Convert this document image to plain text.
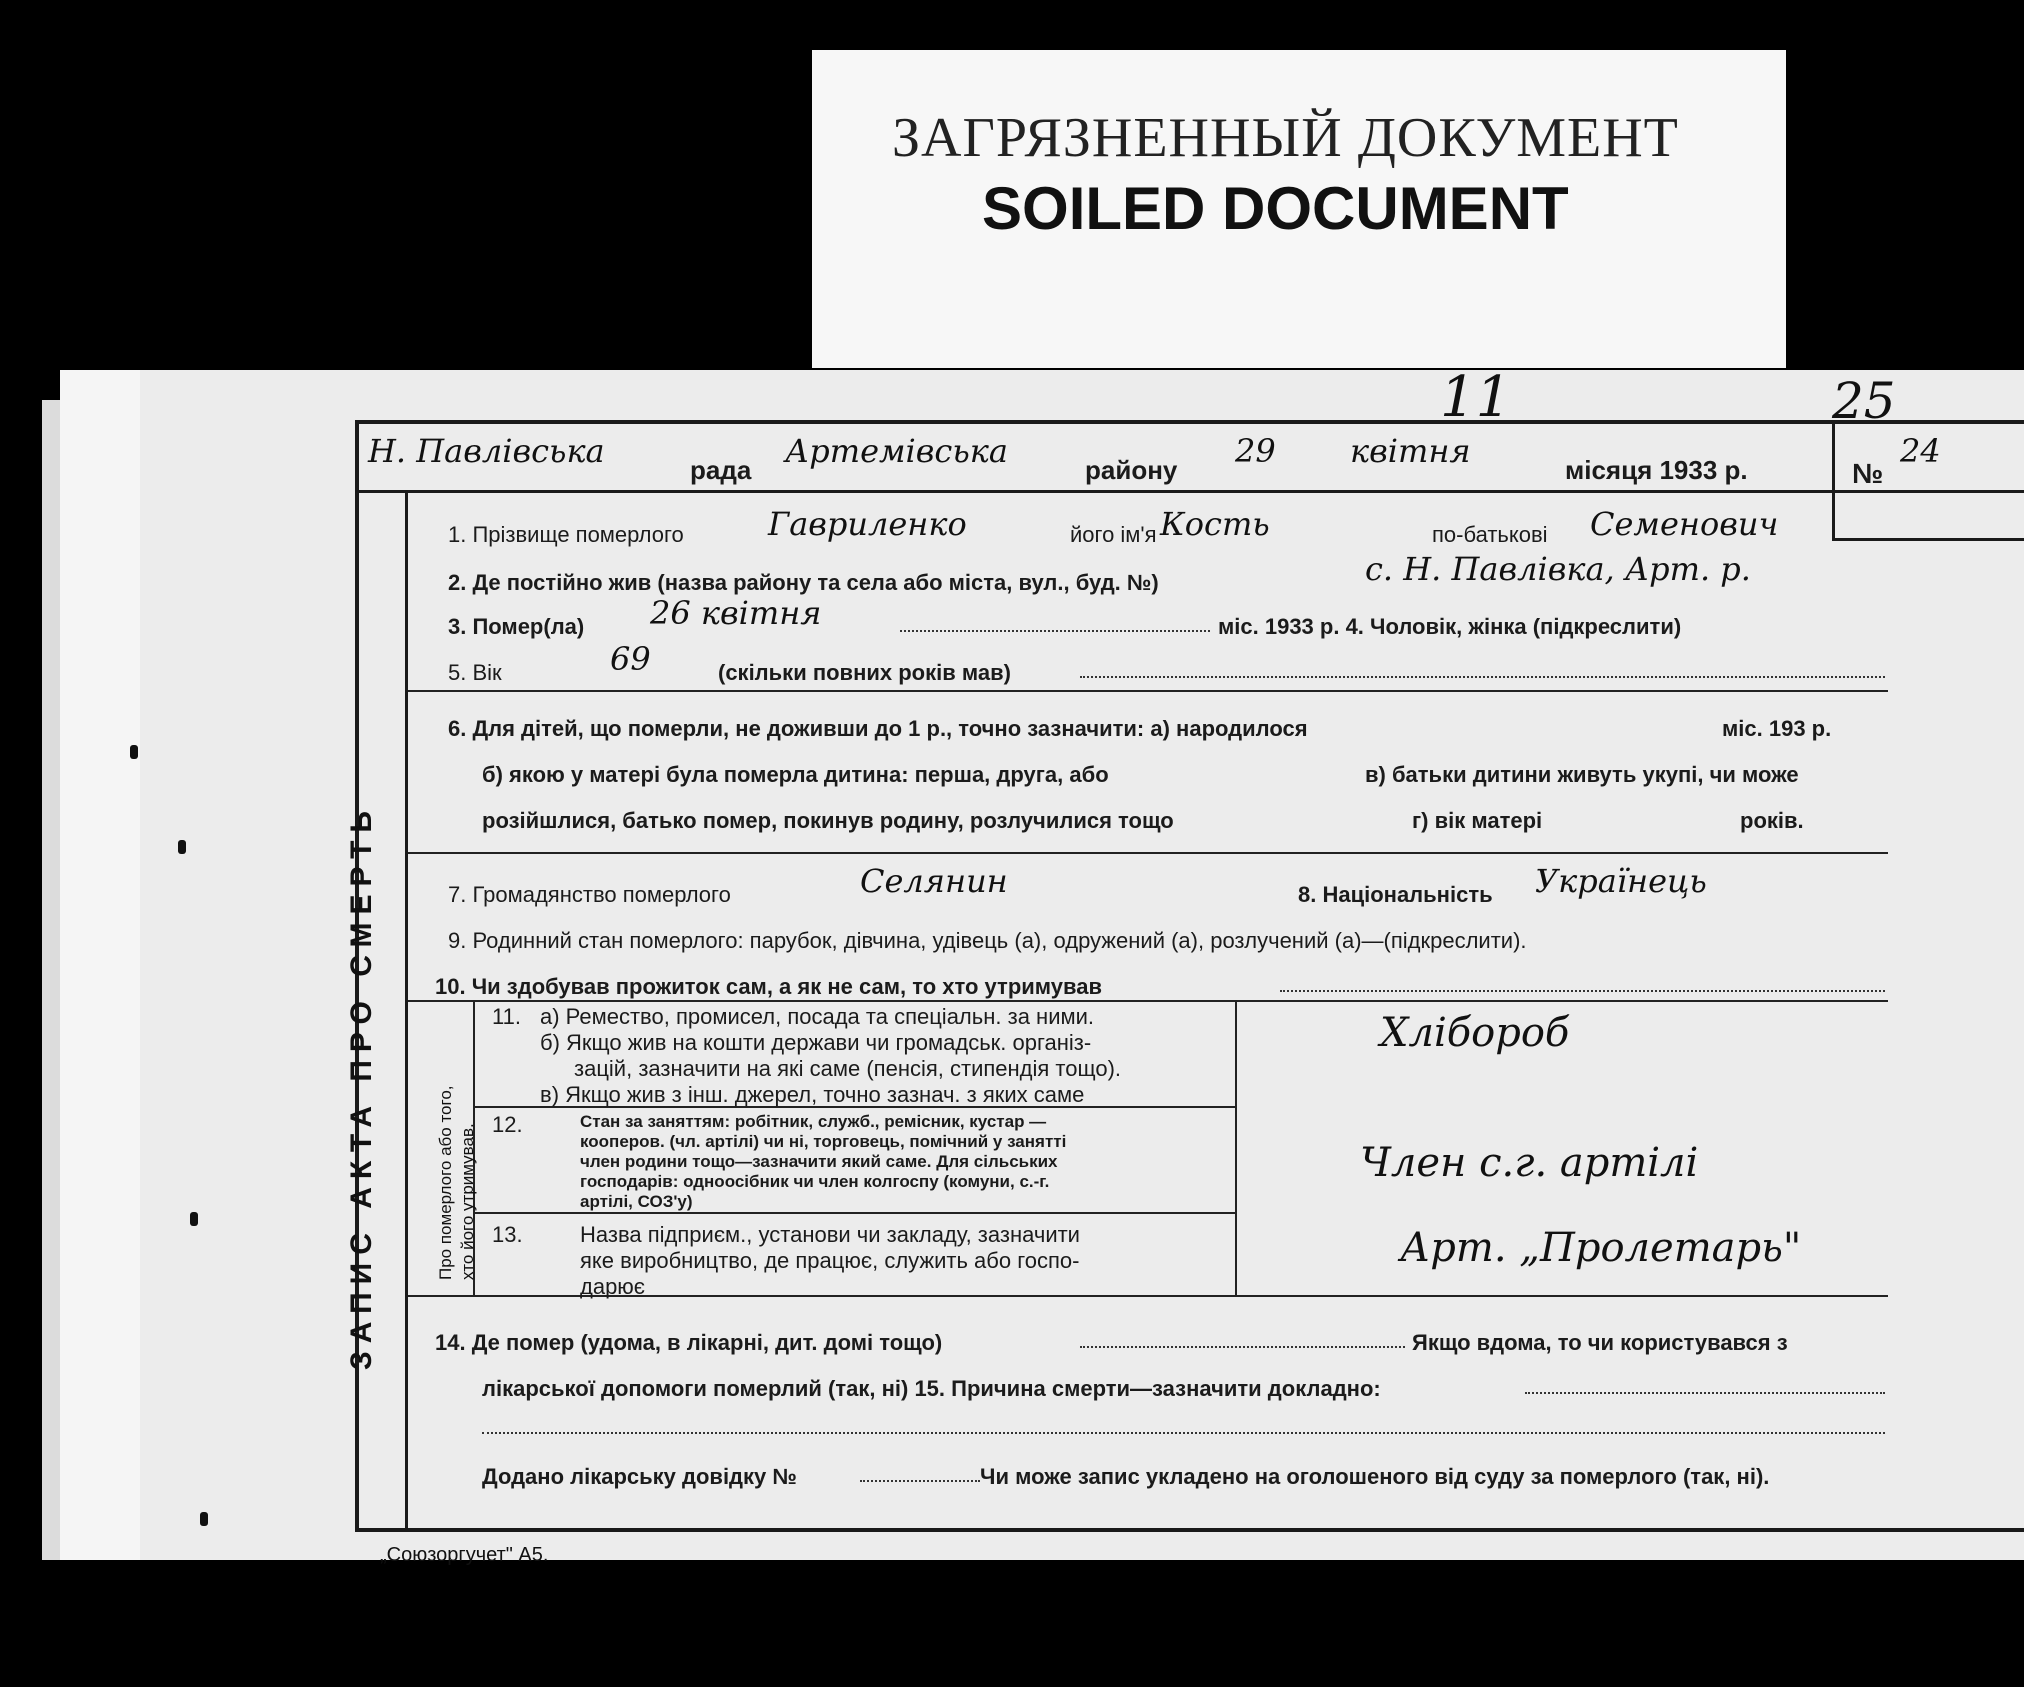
ЗАГРЯЗНЕННЫЙ ДОКУМЕНТ
SOILED DOCUMENT
ЗАПИС АКТА ПРО СМЕРТЬ
Н. Павлівська	рада Артемівська	району 29 квітня	місяця 1933 р.	№
24
11	25
1. Прізвище померлого	Гавриленко	його ім'я Кость	по-батькові Семенович
2. Де постійно жив (назва району та села або міста, вул., буд. №)	с. Н. Павлівка, Арт. р.
3. Помер(ла) 26 квітня	міс. 1933 р. 4. Чоловік, жінка (підкреслити)
5. Вік	69	(скільки повних років мав)
6. Для дітей, що померли, не доживши до 1 р., точно зазначити: а) народилося	міс. 193 р.
б) якою у матері була померла дитина: перша, друга, або	в) батьки дитини живуть укупі, чи може
розійшлися, батько помер, покинув родину, розлучилися тощо	г) вік матері	років.
7. Громадянство померлого	Селянин	8. Національність Українець
9. Родинний стан померлого: парубок, дівчина, удівець (а), одружений (а), розлучений (а)—(підкреслити).
10. Чи здобував прожиток сам, а як не сам, то хто утримував
Про померлого або того, хто його утримував.
11. а) Ремество, промисел, посада та спеціальн. за ними.
б) Якщо жив на кошти держави чи громадськ. організ-
зацій, зазначити на які саме (пенсія, стипендія тощо).
в) Якщо жив з інш. джерел, точно зазнач. з яких саме
Хлібороб
12.	Стан за заняттям: робітник, служб., ремісник, кустар —
кооперов. (чл. артілі) чи ні, торговець, помічний у занятті
член родини тощо—зазначити який саме. Для сільських
господарів: одноосібник чи член колгоспу (комуни, с.-г.
артілі, СОЗ'у)
Член с.г. артілі
13.	Назва підприєм., установи чи закладу, зазначити
яке виробництво, де працює, служить або госпо-
дарює
Арт. „Пролетарь"
14. Де помер (удома, в лікарні, дит. домі тощо)	Якщо вдома, то чи користувався з
лікарської допомоги померлий (так, ні) 15. Причина смерти—зазначити докладно:
Додано лікарську довідку №	Чи може запис укладено на оголошеного від суду за померлого (так, ні).
„Союзоргучет" А5.
